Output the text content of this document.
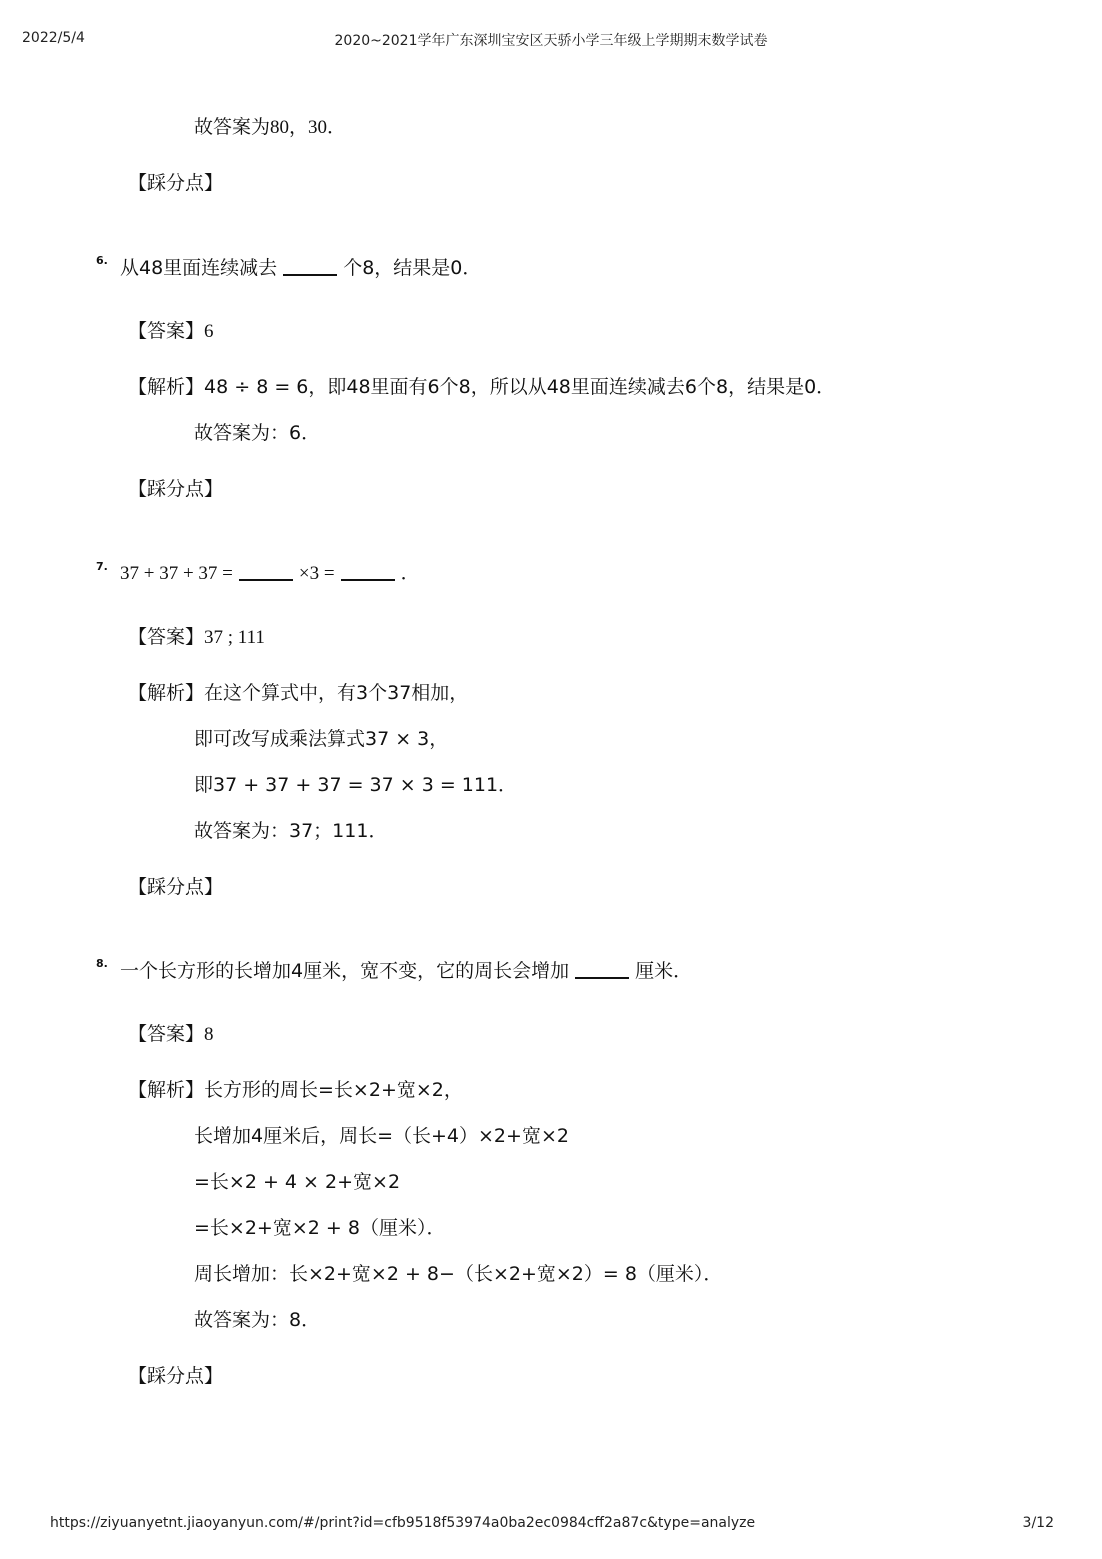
2022/5/4	2020~2021学年广东深圳宝安区天骄小学三年级上学期期末数学试卷
故答案为80，30．
【踩分点】
6. 从48里面连续减去	个8，结果是0．
【答案】6
【解析】48 ÷ 8 = 6，即48里面有6个8，所以从48里面连续减去6个8，结果是0．
故答案为：6．
【踩分点】
7. 37 + 37 + 37 =	×3 =	．
【答案】37 ; 111
【解析】在这个算式中，有3个37相加，
即可改写成乘法算式37 × 3，
即37 + 37 + 37 = 37 × 3 = 111．
故答案为：37；111．
【踩分点】
8. 一个长方形的长增加4厘米，宽不变，它的周长会增加	厘米．
【答案】8
【解析】长方形的周长=长×2+宽×2，
长增加4厘米后，周长=（长+4）×2+宽×2
=长×2 + 4 × 2+宽×2
=长×2+宽×2 + 8（厘米）．
周长增加：长×2+宽×2 + 8−（长×2+宽×2）= 8（厘米）．
故答案为：8．
【踩分点】
https://ziyuanyetnt.jiaoyanyun.com/#/print?id=cfb9518f53974a0ba2ec0984cff2a87c&type=analyze	3/12
